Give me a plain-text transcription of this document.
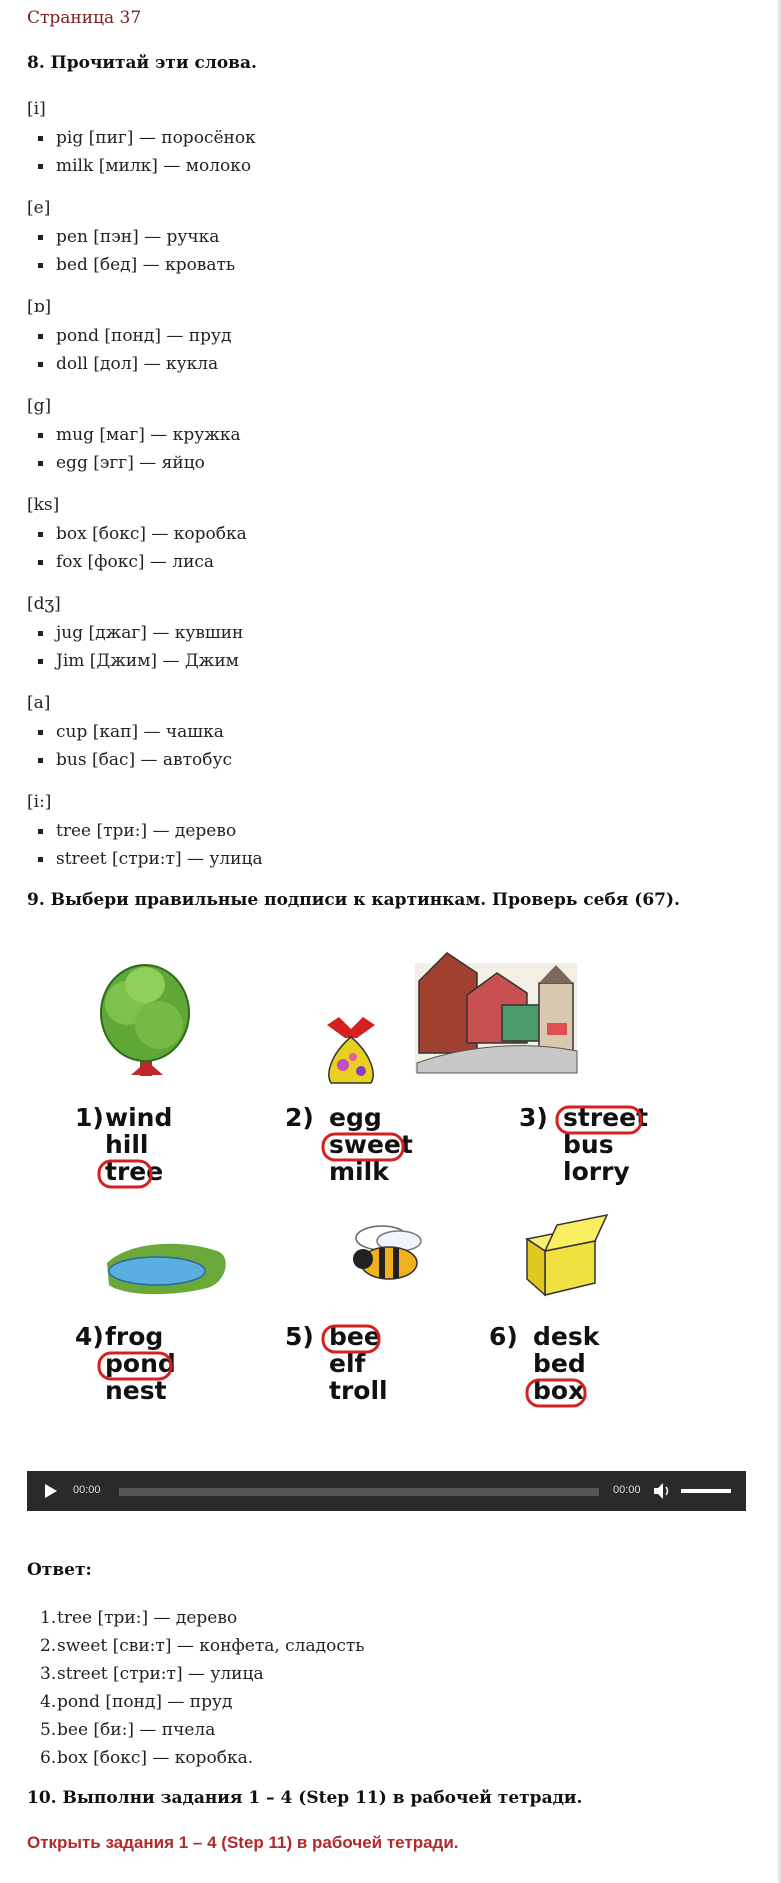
Страница 37
8. Прочитай эти слова.
[i]
pig [пиг] — поросёнок
milk [милк] — молоко
[e]
pen [пэн] — ручка
bed [бед] — кровать
[ɒ]
pond [понд] — пруд
doll [дол] — кукла
[g]
mug [маг] — кружка
egg [эгг] — яйцо
[ks]
box [бокс] — коробка
fox [фокс] — лиса
[dʒ]
jug [джаг] — кувшин
Jim [Джим] — Джим
[a]
cup [кап] — чашка
bus [бас] — автобус
[i:]
tree [три:] — дерево
street [стри:т] — улица
9. Выбери правильные подписи к картинкам. Проверь себя (67).
1) wind
hill
tree
2) egg
sweet
milk
3) street
bus
lorry
4) frog
pond
nest
5) bee
elf
troll
6) desk
bed
box
00:00	00:00
Ответ:
1.tree [три:] — дерево
2.sweet [сви:т] — конфета, сладость
3.street [стри:т] — улица
4.pond [понд] — пруд
5.bee [би:] — пчела
6.box [бокс] — коробка.
10. Выполни задания 1 – 4 (Step 11) в рабочей тетради.
Открыть задания 1 – 4 (Step 11) в рабочей тетради.
